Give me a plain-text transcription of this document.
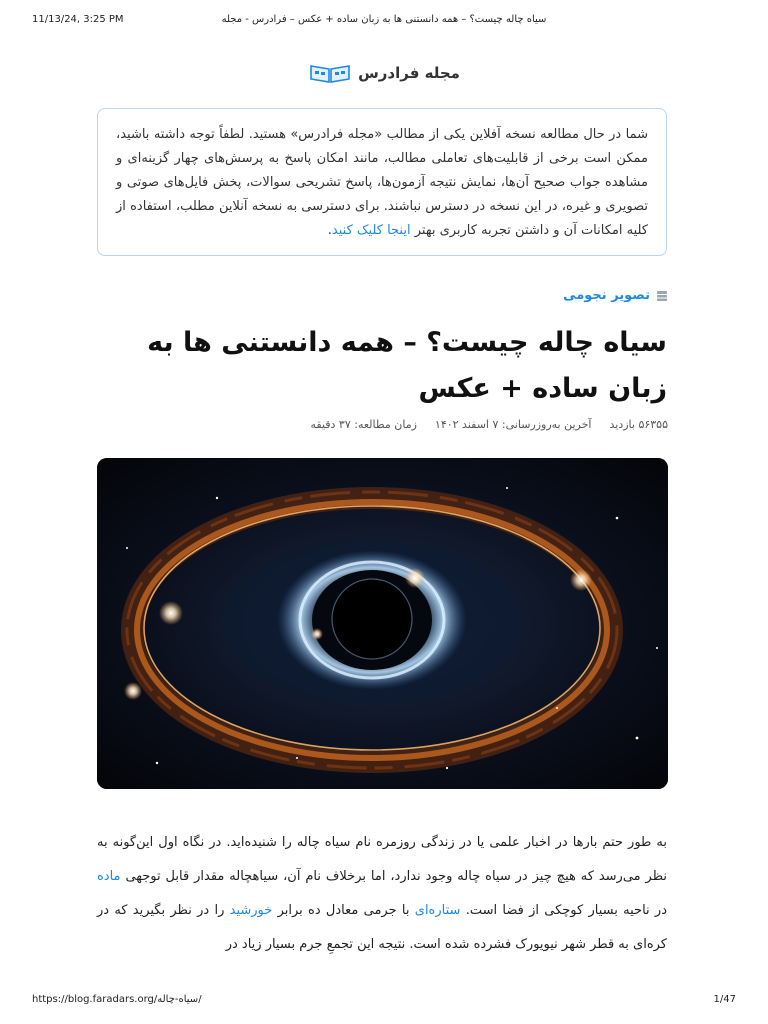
11/13/24, 3:25 PM	سیاه چاله چیست؟ – همه دانستنی ها به زبان ساده + عکس – فرادرس - مجله
مجله فرادرس
شما در حال مطالعه نسخه آفلاین یکی از مطالب «مجله فرادرس» هستید. لطفاً توجه داشته باشید، ممکن است برخی از قابلیت‌های تعاملی مطالب، مانند امکان پاسخ به پرسش‌های چهار گزینه‌ای و مشاهده جواب صحیح آن‌ها، نمایش نتیجه آزمون‌ها، پاسخ تشریحی سوالات، پخش فایل‌های صوتی و تصویری و غیره، در این نسخه در دسترس نباشند. برای دسترسی به نسخه آنلاین مطلب، استفاده از کلیه امکانات آن و داشتن تجربه کاربری بهتر اینجا کلیک کنید.
تصویر نجومی
سیاه چاله چیست؟ – همه دانستنی ها به زبان ساده + عکس
۵۶۳۵۵ بازدید
آخرین به‌روزرسانی: ۷ اسفند ۱۴۰۲
زمان مطالعه: ۳۷ دقیقه
به طور حتم بارها در اخبار علمی یا در زندگی روزمره نام سیاه چاله را شنیده‌اید. در نگاه اول این‌گونه به نظر می‌رسد که هیچ چیز در سیاه چاله وجود ندارد، اما برخلاف نام آن، سیاهچاله مقدار قابل توجهی ماده در ناحیه بسیار کوچکی از فضا است. ستاره‌ای با جرمی معادل ده برابر خورشید را در نظر بگیرید که در کره‌ای به قطر شهر نیویورک فشرده شده است. نتیجه این تجمعِ جرم بسیار زیاد در
https://blog.faradars.org/سیاه-چاله/	1/47
